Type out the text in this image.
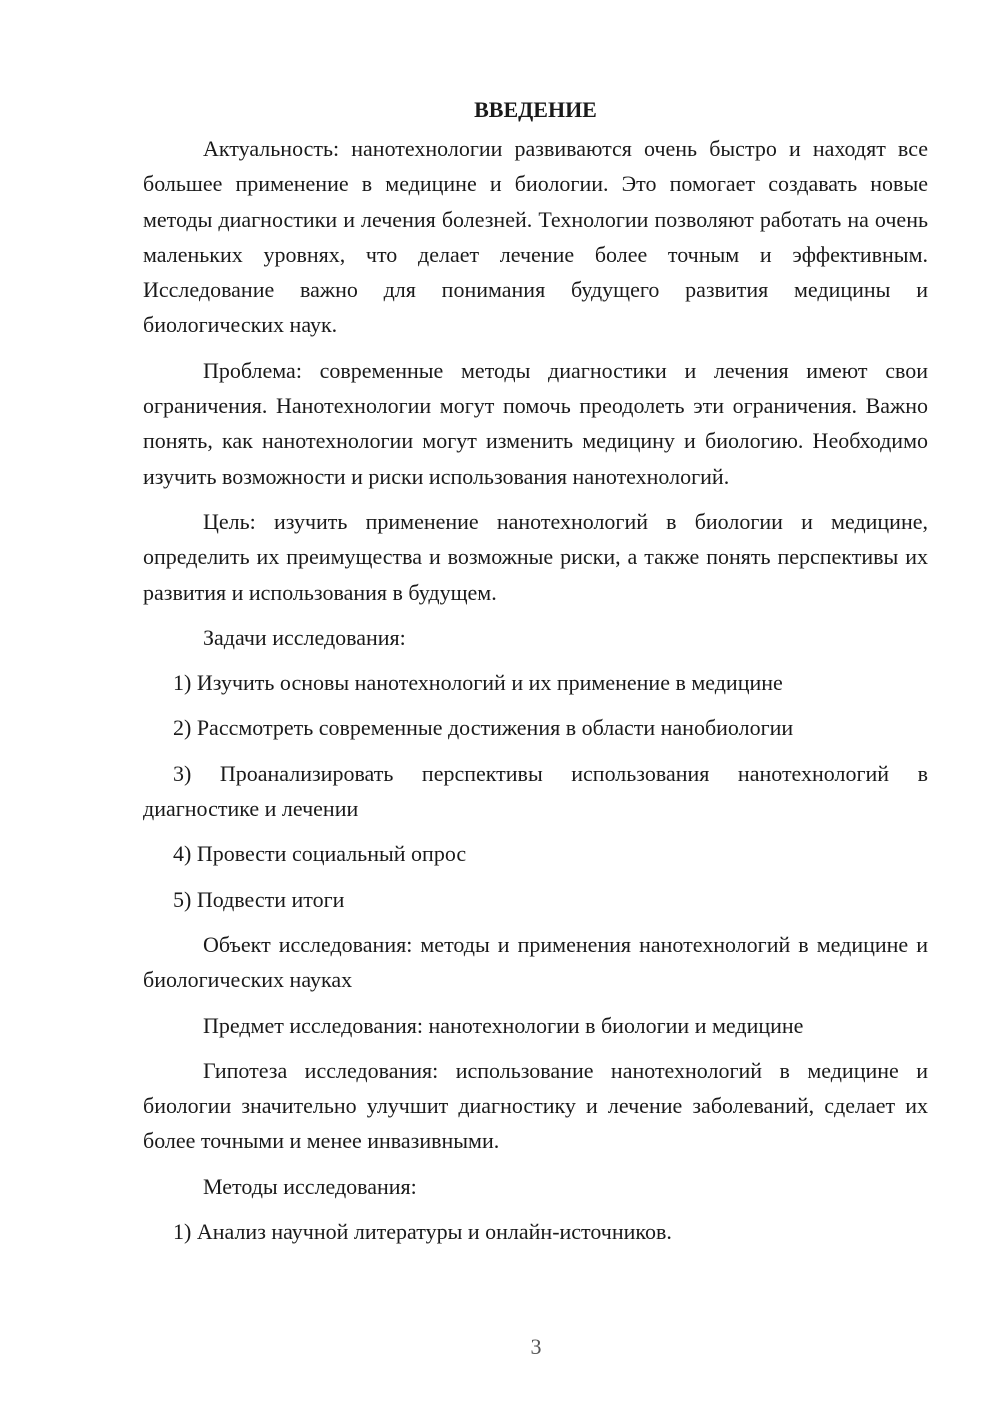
ВВЕДЕНИЕ

Актуальность: нанотехнологии развиваются очень быстро и находят все большее применение в медицине и биологии. Это помогает создавать новые методы диагностики и лечения болезней. Технологии позволяют работать на очень маленьких уровнях, что делает лечение более точным и эффективным. Исследование важно для понимания будущего развития медицины и биологических наук.

Проблема: современные методы диагностики и лечения имеют свои ограничения. Нанотехнологии могут помочь преодолеть эти ограничения. Важно понять, как нанотехнологии могут изменить медицину и биологию. Необходимо изучить возможности и риски использования нанотехнологий.

Цель: изучить применение нанотехнологий в биологии и медицине, определить их преимущества и возможные риски, а также понять перспективы их развития и использования в будущем.

Задачи исследования:

1) Изучить основы нанотехнологий и их применение в медицине

2) Рассмотреть современные достижения в области нанобиологии

3) Проанализировать перспективы использования нанотехнологий в диагностике и лечении

4) Провести социальный опрос

5) Подвести итоги

Объект исследования: методы и применения нанотехнологий в медицине и биологических науках

Предмет исследования: нанотехнологии в биологии и медицине

Гипотеза исследования: использование нанотехнологий в медицине и биологии значительно улучшит диагностику и лечение заболеваний, сделает их более точными и менее инвазивными.

Методы исследования:

1) Анализ научной литературы и онлайн-источников.

3
